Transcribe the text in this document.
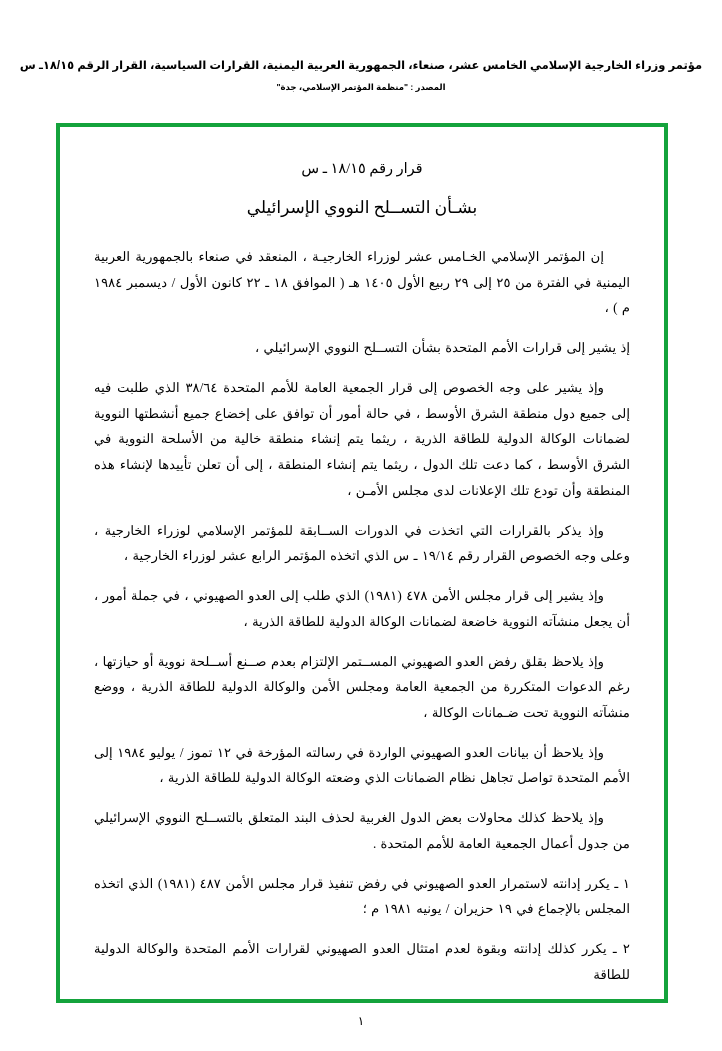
مؤتمر وزراء الخارجية الإسلامي الخامس عشر، صنعاء، الجمهورية العربية اليمنية، القرارات السياسية، القرار الرقم ١٨/١٥ـ س
المصدر : "منظمة المؤتمر الإسلامي، جدة"
قرار رقم ١٨/١٥ ـ س
بشـأن التســلح النووي الإسرائيلي

إن المؤتمر الإسلامي الخـامس عشر لوزراء الخارجيـة ، المنعقد في صنعاء بالجمهورية العربية اليمنية في الفترة من ٢٥ إلى ٢٩ ربيع الأول ١٤٠٥ هـ ( الموافق ١٨ ـ ٢٢ كانون الأول / ديسمبر ١٩٨٤ م ) ،

إذ يشير إلى قرارات الأمم المتحدة بشأن التســلح النووي الإسرائيلي ،

وإذ يشير على وجه الخصوص إلى قرار الجمعية العامة للأمم المتحدة ٣٨/٦٤ الذي طلبت فيه إلى جميع دول منطقة الشرق الأوسط ، في حالة أمور أن توافق على إخضاع جميع أنشطتها النووية لضمانات الوكالة الدولية للطاقة الذرية ، ريثما يتم إنشاء منطقة خالية من الأسلحة النووية في الشرق الأوسط ، كما دعت تلك الدول ، ريثما يتم إنشاء المنطقة ، إلى أن تعلن تأييدها لإنشاء هذه المنطقة وأن تودع تلك الإعلانات لدى مجلس الأمـن ،

وإذ يذكر بالقرارات التي اتخذت في الدورات الســابقة للمؤتمر الإسلامي لوزراء الخارجية ، وعلى وجه الخصوص القرار رقم ١٩/١٤ ـ س الذي اتخذه المؤتمر الرابع عشر لوزراء الخارجية ،

وإذ يشير إلى قرار مجلس الأمن ٤٧٨ (١٩٨١) الذي طلب إلى العدو الصهيوني ، في جملة أمور ، أن يجعل منشآته النووية خاضعة لضمانات الوكالة الدولية للطاقة الذرية ،

وإذ يلاحظ بقلق رفض العدو الصهيوني المســتمر الإلتزام بعدم صــنع أســلحة نووية أو حيازتها ، رغم الدعوات المتكررة من الجمعية العامة ومجلس الأمن والوكالة الدولية للطاقة الذرية ، ووضع منشآته النووية تحت ضـمانات الوكالة ،

وإذ يلاحظ أن بيانات العدو الصهيوني الواردة في رسالته المؤرخة في ١٢ تموز / يوليو ١٩٨٤ إلى الأمم المتحدة تواصل تجاهل نظام الضمانات الذي وضعته الوكالة الدولية للطاقة الذرية ،

وإذ يلاحظ كذلك محاولات بعض الدول الغربية لحذف البند المتعلق بالتســلح النووي الإسرائيلي من جدول أعمال الجمعية العامة للأمم المتحدة .

١ ـ يكرر إدانته لاستمرار العدو الصهيوني في رفض تنفيذ قرار مجلس الأمن ٤٨٧ (١٩٨١) الذي اتخذه المجلس بالإجماع في ١٩ حزيران / يونيه ١٩٨١ م ؛

٢ ـ يكرر كذلك إدانته وبقوة لعدم امتثال العدو الصهيوني لقرارات الأمم المتحدة والوكالة الدولية للطاقة

١
